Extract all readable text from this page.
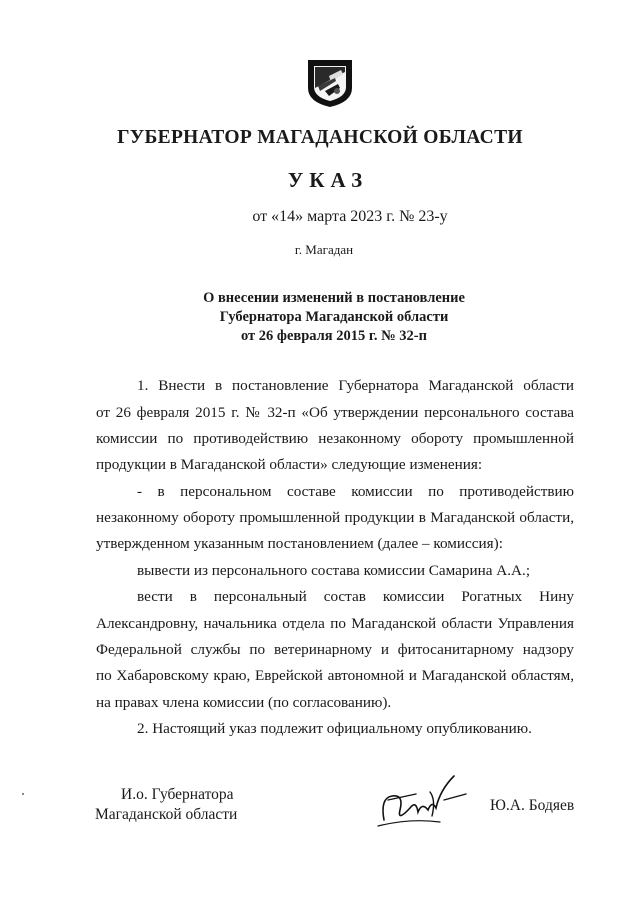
ГУБЕРНАТОР МАГАДАНСКОЙ ОБЛАСТИ
УКАЗ
от «14» марта 2023 г. № 23-у
г. Магадан
О внесении изменений в постановление
Губернатора Магаданской области
от 26 февраля 2015 г. № 32-п
1. Внести в постановление Губернатора Магаданской области
от 26 февраля 2015 г. № 32-п «Об утверждении персонального состава
комиссии по противодействию незаконному обороту промышленной
продукции в Магаданской области» следующие изменения:
- в персональном составе комиссии по противодействию
незаконному обороту промышленной продукции в Магаданской области,
утвержденном указанным постановлением (далее – комиссия):
вывести из персонального состава комиссии Самарина А.А.;
вести в персональный состав комиссии Рогатных Нину
Александровну, начальника отдела по Магаданской области Управления
Федеральной службы по ветеринарному и фитосанитарному надзору
по Хабаровскому краю, Еврейской автономной и Магаданской областям,
на правах члена комиссии (по согласованию).
2. Настоящий указ подлежит официальному опубликованию.
И.о. Губернатора
Магаданской области
Ю.А. Бодяев
